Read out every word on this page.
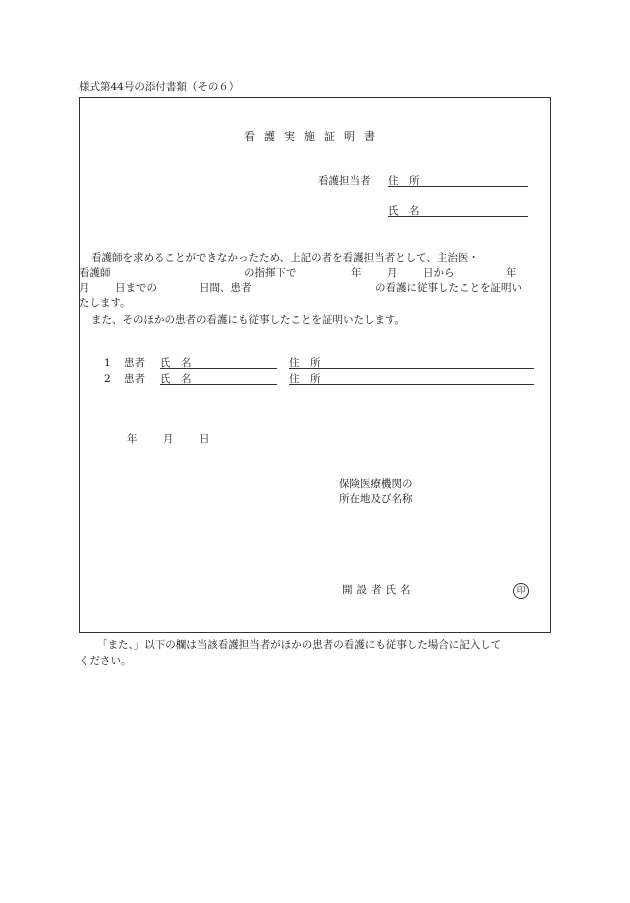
様式第44号の添付書類（その６）
看護実施証明書
看護担当者 住　所
氏　名
看護師を求めることができなかったため、上記の者を看護担当者として、主治医・
看護師	の指揮下で	年 月 日から	年
月 日までの	日間、患者	の看護に従事したことを証明い
たします。
また、そのほかの患者の看護にも従事したことを証明いたします。
1 患者 氏　名	住　所
2 患者 氏　名	住　所
年 月 日
保険医療機関の
所在地及び名称
開設者氏名	印
「また、」以下の欄は当該看護担当者がほかの患者の看護にも従事した場合に記入して
ください。
